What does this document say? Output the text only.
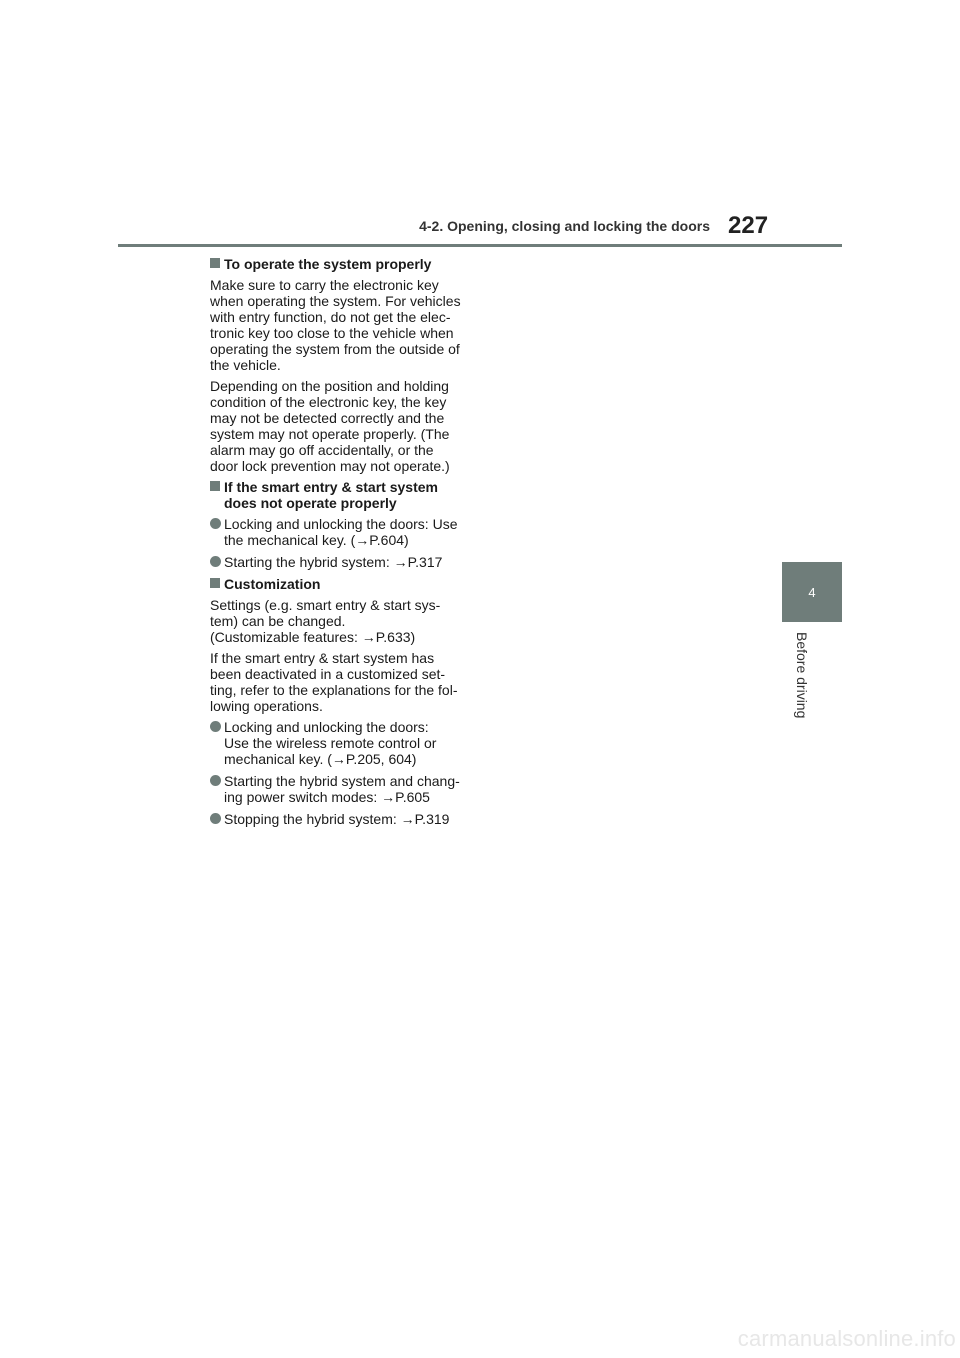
4-2. Opening, closing and locking the doors 227
4
Before driving
To operate the system properly
Make sure to carry the electronic key
when operating the system. For vehicles
with entry function, do not get the elec-
tronic key too close to the vehicle when
operating the system from the outside of
the vehicle.
Depending on the position and holding
condition of the electronic key, the key
may not be detected correctly and the
system may not operate properly. (The
alarm may go off accidentally, or the
door lock prevention may not operate.)
If the smart entry & start system
does not operate properly
Locking and unlocking the doors: Use
the mechanical key. (→P.604)
Starting the hybrid system: →P.317
Customization
Settings (e.g. smart entry & start sys-
tem) can be changed.
(Customizable features: →P.633)
If the smart entry & start system has
been deactivated in a customized set-
ting, refer to the explanations for the fol-
lowing operations.
Locking and unlocking the doors:
Use the wireless remote control or
mechanical key. (→P.205, 604)
Starting the hybrid system and chang-
ing power switch modes: →P.605
Stopping the hybrid system: →P.319
carmanualsonline.info
